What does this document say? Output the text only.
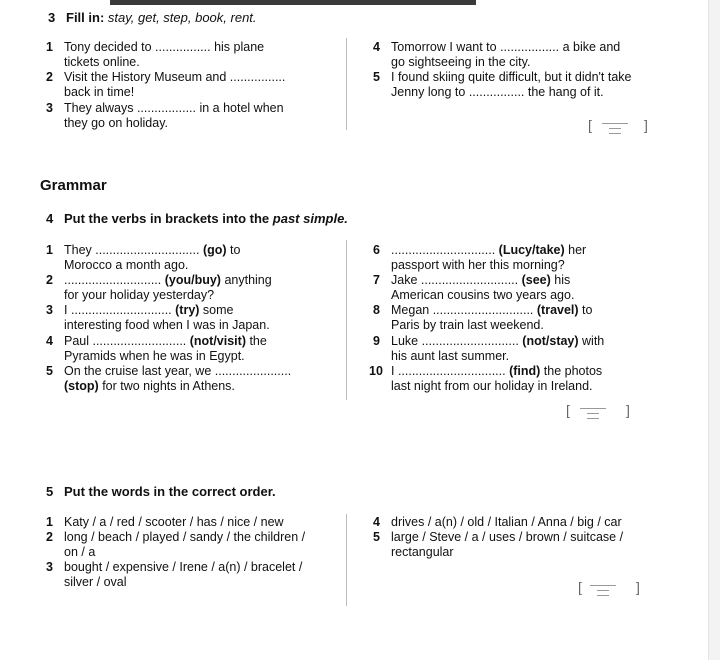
3 Fill in: stay, get, step, book, rent.
1 Tony decided to ................ his plane
tickets online.
2 Visit the History Museum and ................
back in time!
3 They always ................. in a hotel when
they go on holiday.
4 Tomorrow I want to ................. a bike and
go sightseeing in the city.
5 I found skiing quite difficult, but it didn't take
Jenny long to ................ the hang of it.
[	]
Grammar
4 Put the verbs in brackets into the past simple.
1 They .............................. (go) to
Morocco a month ago.
2 ............................ (you/buy) anything
for your holiday yesterday?
3 I ............................. (try) some
interesting food when I was in Japan.
4 Paul ........................... (not/visit) the
Pyramids when he was in Egypt.
5 On the cruise last year, we ......................
(stop) for two nights in Athens.
6 .............................. (Lucy/take) her
passport with her this morning?
7 Jake ............................ (see) his
American cousins two years ago.
8 Megan ............................. (travel) to
Paris by train last weekend.
9 Luke ............................ (not/stay) with
his aunt last summer.
10 I ............................... (find) the photos
last night from our holiday in Ireland.
[	]
5 Put the words in the correct order.
1 Katy / a / red / scooter / has / nice / new
2 long / beach / played / sandy / the children /
on / a
3 bought / expensive / Irene / a(n) / bracelet /
silver / oval
4 drives / a(n) / old / Italian / Anna / big / car
5 large / Steve / a / uses / brown / suitcase /
rectangular
[	]
